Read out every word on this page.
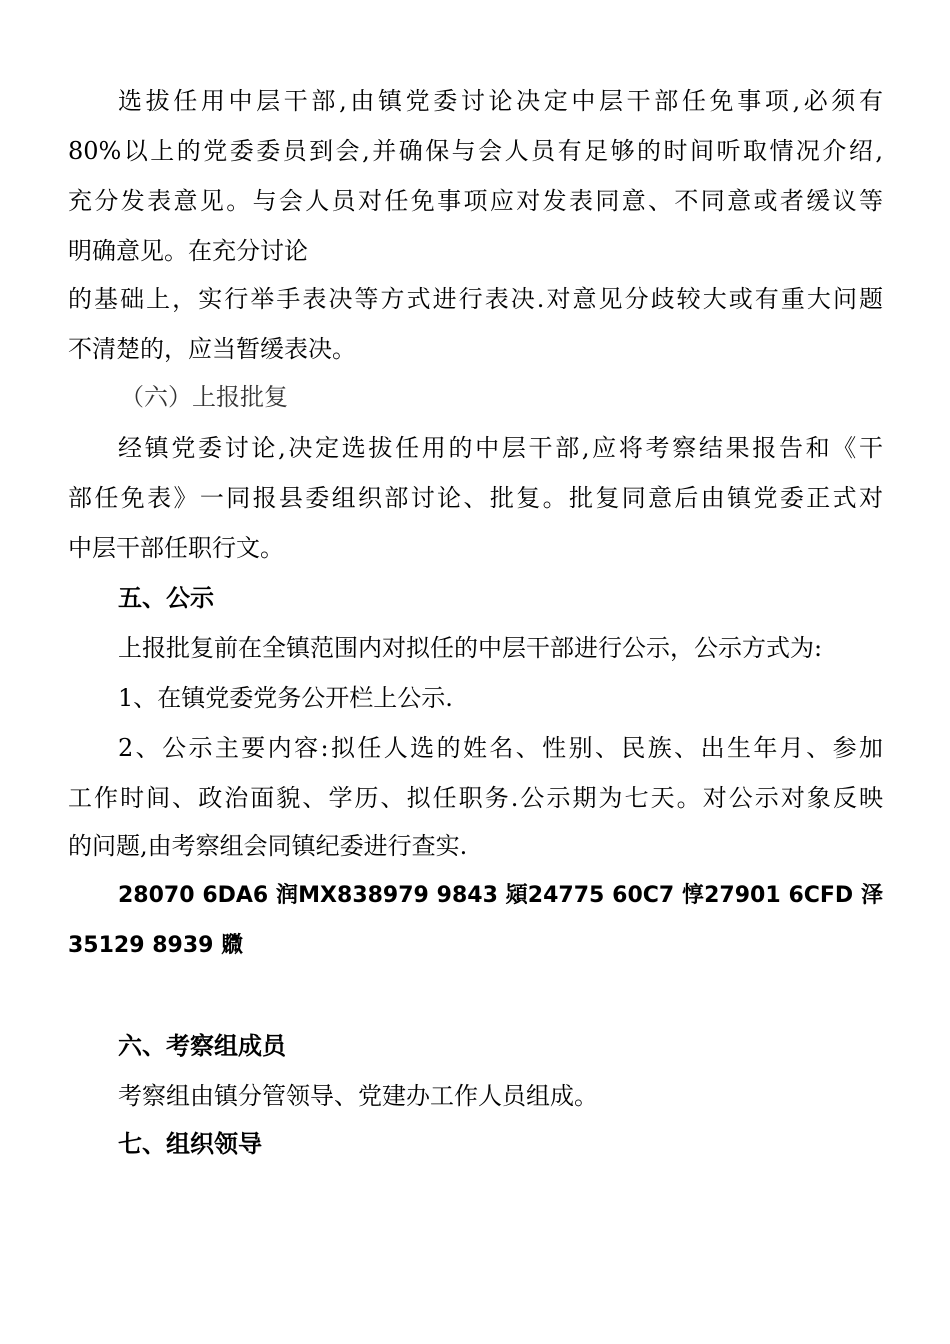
选拔任用中层干部,由镇党委讨论决定中层干部任免事项,必须有
80%以上的党委委员到会,并确保与会人员有足够的时间听取情况介绍,
充分发表意见。与会人员对任免事项应对发表同意、不同意或者缓议等
明确意见。在充分讨论
的基础上，实行举手表决等方式进行表决.对意见分歧较大或有重大问题
不清楚的，应当暂缓表决。
（六）上报批复
经镇党委讨论,决定选拔任用的中层干部,应将考察结果报告和《干
部任免表》一同报县委组织部讨论、批复。批复同意后由镇党委正式对
中层干部任职行文。
五、公示
上报批复前在全镇范围内对拟任的中层干部进行公示，公示方式为:
1、在镇党委党务公开栏上公示.
2、公示主要内容:拟任人选的姓名、性别、民族、出生年月、参加
工作时间、政治面貌、学历、拟任职务.公示期为七天。对公示对象反映
的问题,由考察组会同镇纪委进行查实.
28070 6DA6 润MX838979 9843 熲24775 60C7 惇27901 6CFD 泽
35129 8939 覹
六、考察组成员
考察组由镇分管领导、党建办工作人员组成。
七、组织领导
